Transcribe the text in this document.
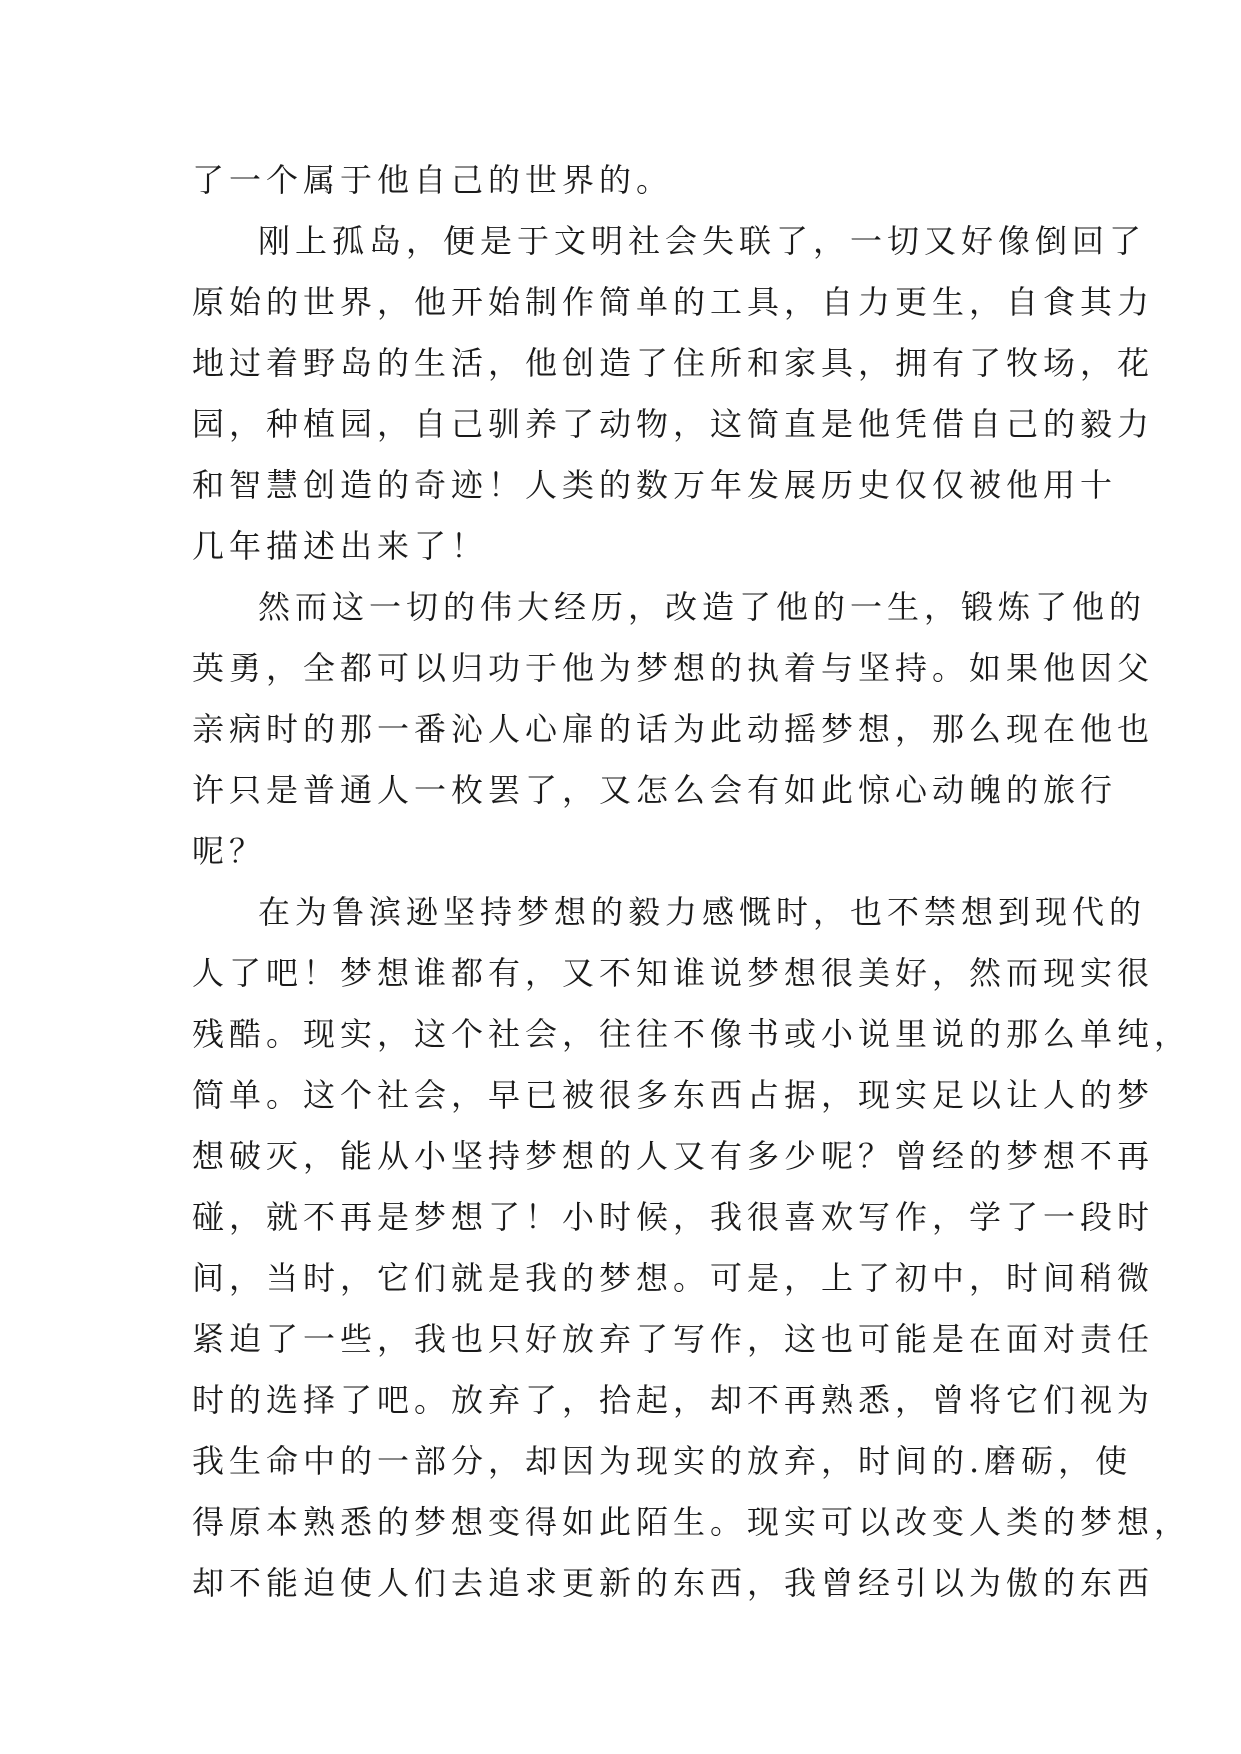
了一个属于他自己的世界的。
刚上孤岛，便是于文明社会失联了，一切又好像倒回了
原始的世界，他开始制作简单的工具，自力更生，自食其力
地过着野岛的生活，他创造了住所和家具，拥有了牧场，花
园，种植园，自己驯养了动物，这简直是他凭借自己的毅力
和智慧创造的奇迹！人类的数万年发展历史仅仅被他用十
几年描述出来了！
然而这一切的伟大经历，改造了他的一生，锻炼了他的
英勇，全都可以归功于他为梦想的执着与坚持。如果他因父
亲病时的那一番沁人心扉的话为此动摇梦想，那么现在他也
许只是普通人一枚罢了，又怎么会有如此惊心动魄的旅行
呢？
在为鲁滨逊坚持梦想的毅力感慨时，也不禁想到现代的
人了吧！梦想谁都有，又不知谁说梦想很美好，然而现实很
残酷。现实，这个社会，往往不像书或小说里说的那么单纯，
简单。这个社会，早已被很多东西占据，现实足以让人的梦
想破灭，能从小坚持梦想的人又有多少呢？曾经的梦想不再
碰，就不再是梦想了！小时候，我很喜欢写作，学了一段时
间，当时，它们就是我的梦想。可是，上了初中，时间稍微
紧迫了一些，我也只好放弃了写作，这也可能是在面对责任
时的选择了吧。放弃了，拾起，却不再熟悉，曾将它们视为
我生命中的一部分，却因为现实的放弃，时间的.磨砺，使
得原本熟悉的梦想变得如此陌生。现实可以改变人类的梦想，
却不能迫使人们去追求更新的东西，我曾经引以为傲的东西
